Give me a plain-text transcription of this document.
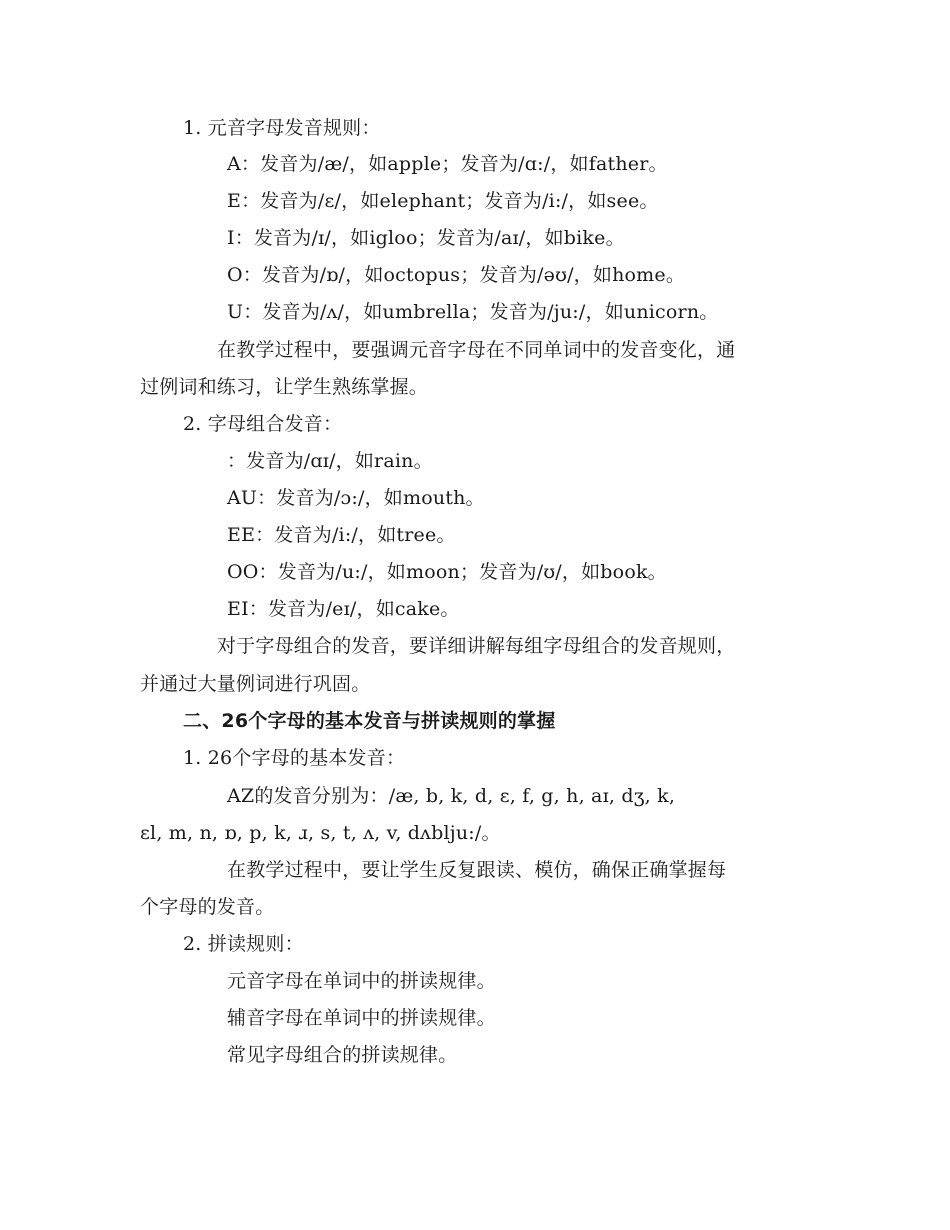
1. 元音字母发音规则：
A：发音为/æ/，如apple；发音为/ɑ:/，如father。
E：发音为/ɛ/，如elephant；发音为/i:/，如see。
I：发音为/ɪ/，如igloo；发音为/aɪ/，如bike。
O：发音为/ɒ/，如octopus；发音为/əʊ/，如home。
U：发音为/ʌ/，如umbrella；发音为/ju:/，如unicorn。
在教学过程中，要强调元音字母在不同单词中的发音变化，通
过例词和练习，让学生熟练掌握。
2. 字母组合发音：
：发音为/ɑɪ/，如rain。
AU：发音为/ɔ:/，如mouth。
EE：发音为/i:/，如tree。
OO：发音为/u:/，如moon；发音为/ʊ/，如book。
EI：发音为/eɪ/，如cake。
对于字母组合的发音，要详细讲解每组字母组合的发音规则，
并通过大量例词进行巩固。
二、26个字母的基本发音与拼读规则的掌握
1. 26个字母的基本发音：
AZ的发音分别为：/æ, b, k, d, ɛ, f, g, h, aɪ, dʒ, k,
ɛl, m, n, ɒ, p, k, ɹ, s, t, ʌ, v, dʌblju:/。
在教学过程中，要让学生反复跟读、模仿，确保正确掌握每
个字母的发音。
2. 拼读规则：
元音字母在单词中的拼读规律。
辅音字母在单词中的拼读规律。
常见字母组合的拼读规律。
